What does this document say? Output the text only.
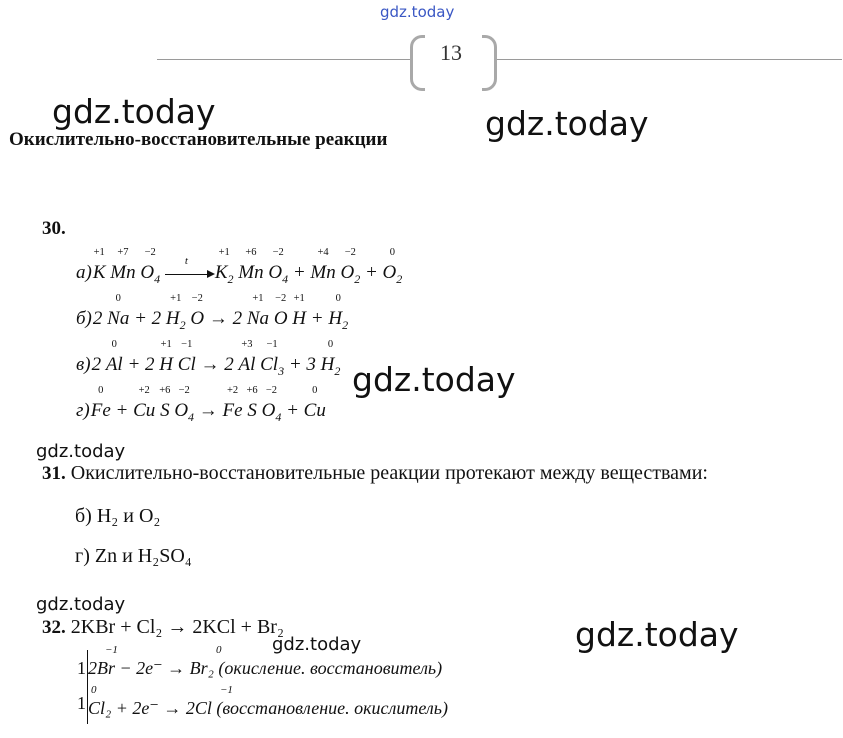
gdz.today
13
gdz.today	gdz.today
gdz.today
gdz.today
gdz.today
gdz.today
gdz.today
Окислительно-восстановительные реакции
30.
а)K
+1
Mn
+7
$O_4$
−2

t
$K_2$
+1
Mn
+6
$O_4$
−2
+ Mn
+4
$O_2$
−2
+ $O_2$
0
б)2 Na
0
+ 2 $H_2$
+1
O
−2
→ 2 Na
+1
O
−2
H
+1
+ $H_2$
0
в)2 Al
0
+ 2 H
+1
Cl
−1
→ 2 Al
+3
$Cl_3$
−1
+ 3 $H_2$
0
г)Fe
0
+ Cu
+2
S
+6
$O_4$
−2
→ Fe
+2
S
+6
$O_4$
−2
+ Cu
0
31. Окислительно-восстановительные реакции протекают между веществами:
б) H₂ и O₂
г) Zn и H₂SO₄
32. 2KBr + Cl₂ → 2KCl + Br₂
1
1
−1	0
2Br − 2e⁻ → Br₂ (окисление. восстановитель)
0	−1
Cl₂ + 2e⁻ → 2Cl (восстановление. окислитель)
